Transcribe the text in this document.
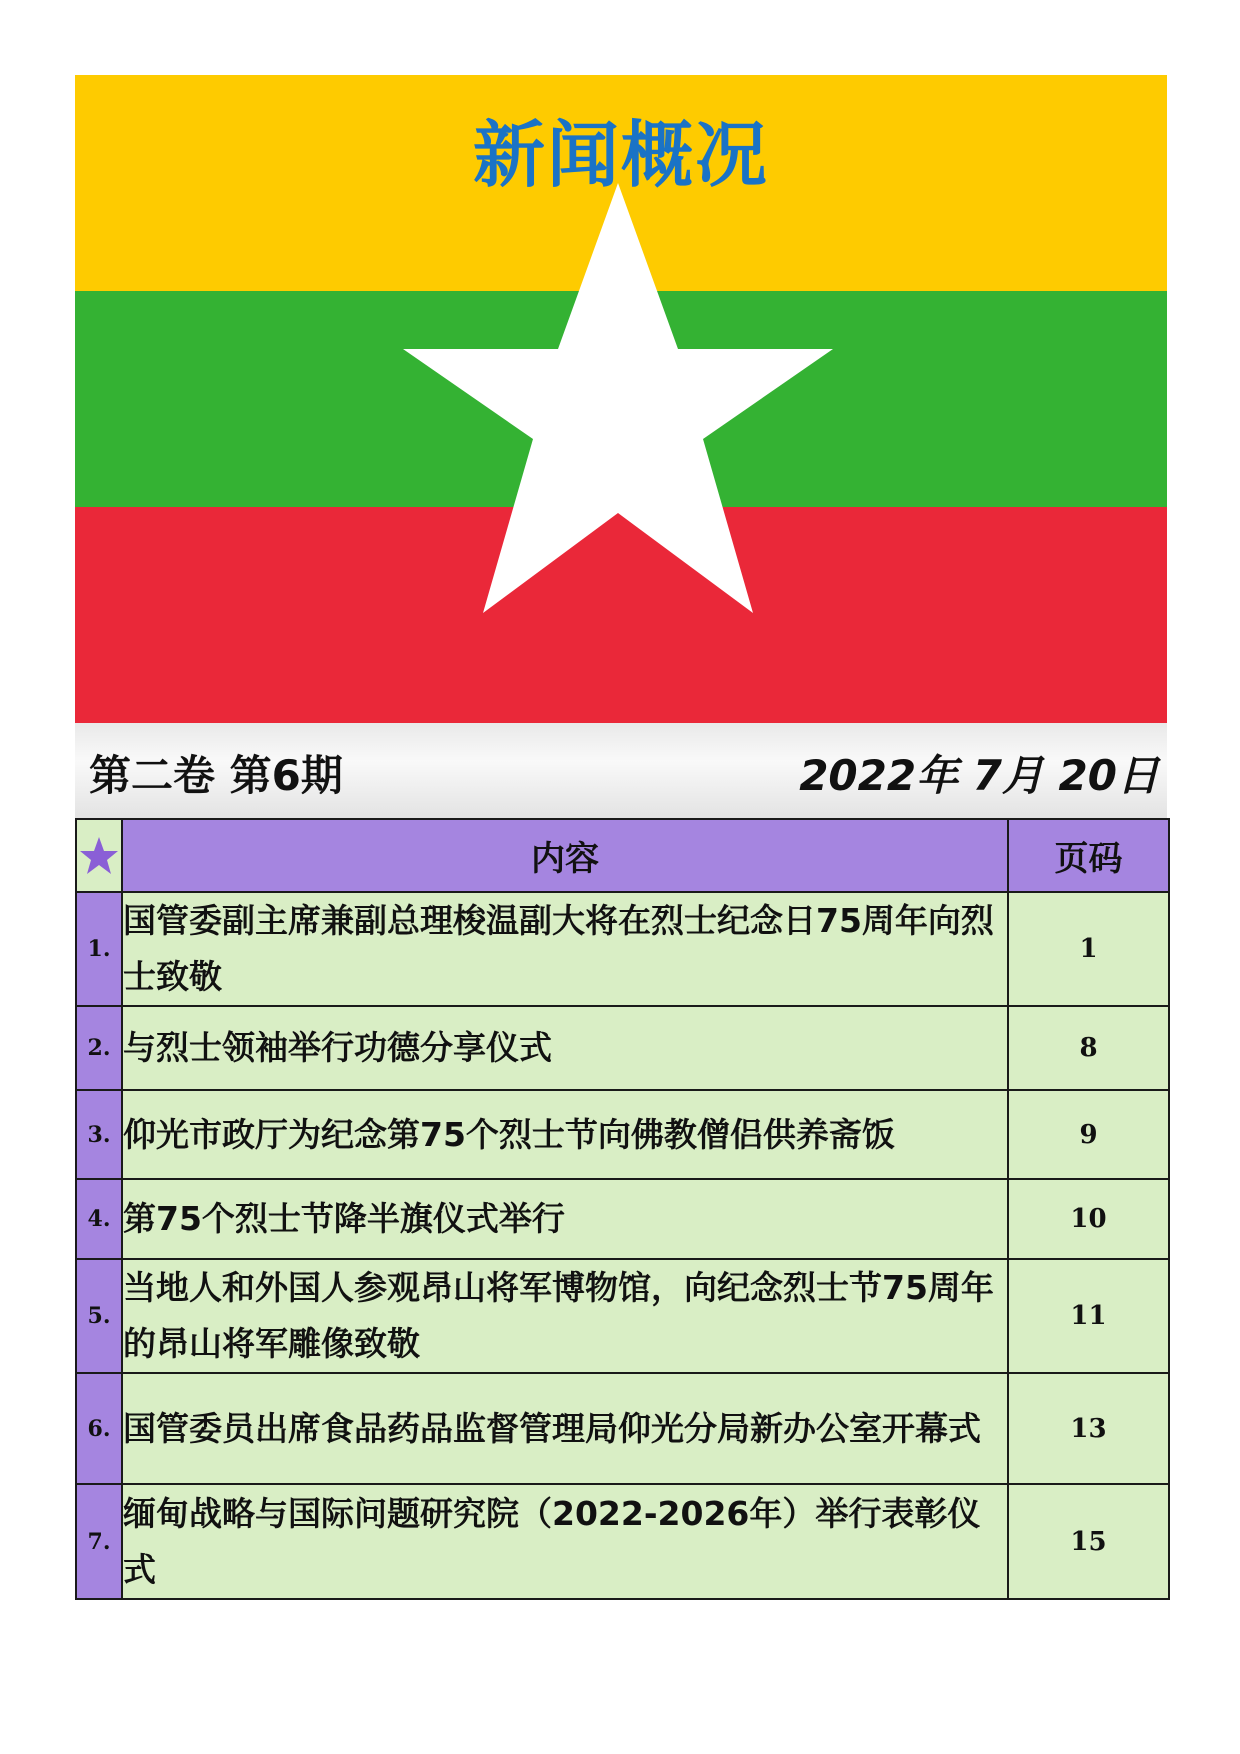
新闻概况
第二卷 第6期	2022年 7月 20日
	内容	页码
1.	国管委副主席兼副总理梭温副大将在烈士纪念日75周年向烈士致敬	1
2.	与烈士领袖举行功德分享仪式	8
3.	仰光市政厅为纪念第75个烈士节向佛教僧侣供养斋饭	9
4.	第75个烈士节降半旗仪式举行	10
5.	当地人和外国人参观昂山将军博物馆，向纪念烈士节75周年的昂山将军雕像致敬	11
6.	国管委员出席食品药品监督管理局仰光分局新办公室开幕式	13
7.	缅甸战略与国际问题研究院（2022-2026年）举行表彰仪式	15
